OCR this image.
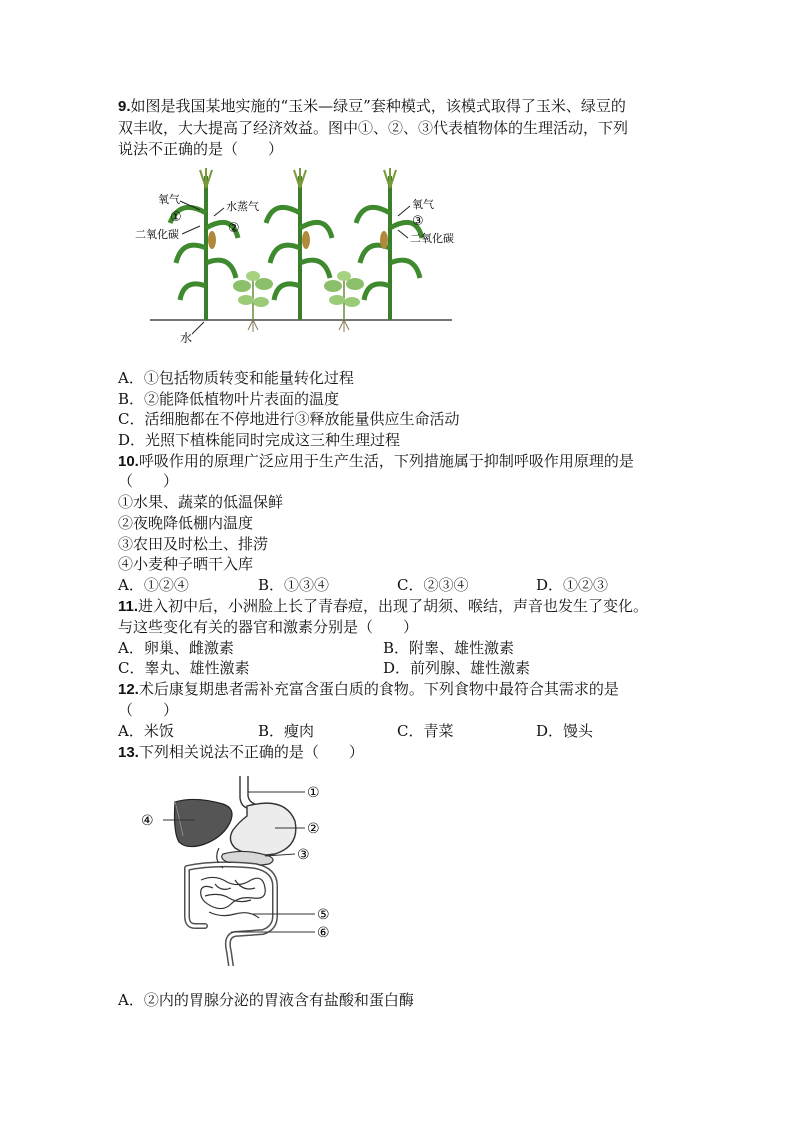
9.如图是我国某地实施的“玉米—绿豆”套种模式，该模式取得了玉米、绿豆的
双丰收，大大提高了经济效益。图中①、②、③代表植物体的生理活动，下列
说法不正确的是（　　）
氧气
①
二氧化碳
水蒸气
②
水
氧气
③
二氧化碳
A．①包括物质转变和能量转化过程
B．②能降低植物叶片表面的温度
C．活细胞都在不停地进行③释放能量供应生命活动
D．光照下植株能同时完成这三种生理过程
10.呼吸作用的原理广泛应用于生产生活，下列措施属于抑制呼吸作用原理的是
（　　）
①水果、蔬菜的低温保鲜
②夜晚降低棚内温度
③农田及时松土、排涝
④小麦种子晒干入库
A．①②④	B．①③④	C．②③④	D．①②③
11.进入初中后，小洲脸上长了青春痘，出现了胡须、喉结，声音也发生了变化。
与这些变化有关的器官和激素分别是（　　）
A．卵巢、雌激素	B．附睾、雄性激素
C．睾丸、雄性激素	D．前列腺、雄性激素
12.术后康复期患者需补充富含蛋白质的食物。下列食物中最符合其需求的是
（　　）
A．米饭	B．瘦肉	C．青菜	D．馒头
13.下列相关说法不正确的是（　　）
①
②
③
④
⑤
⑥
A．②内的胃腺分泌的胃液含有盐酸和蛋白酶
